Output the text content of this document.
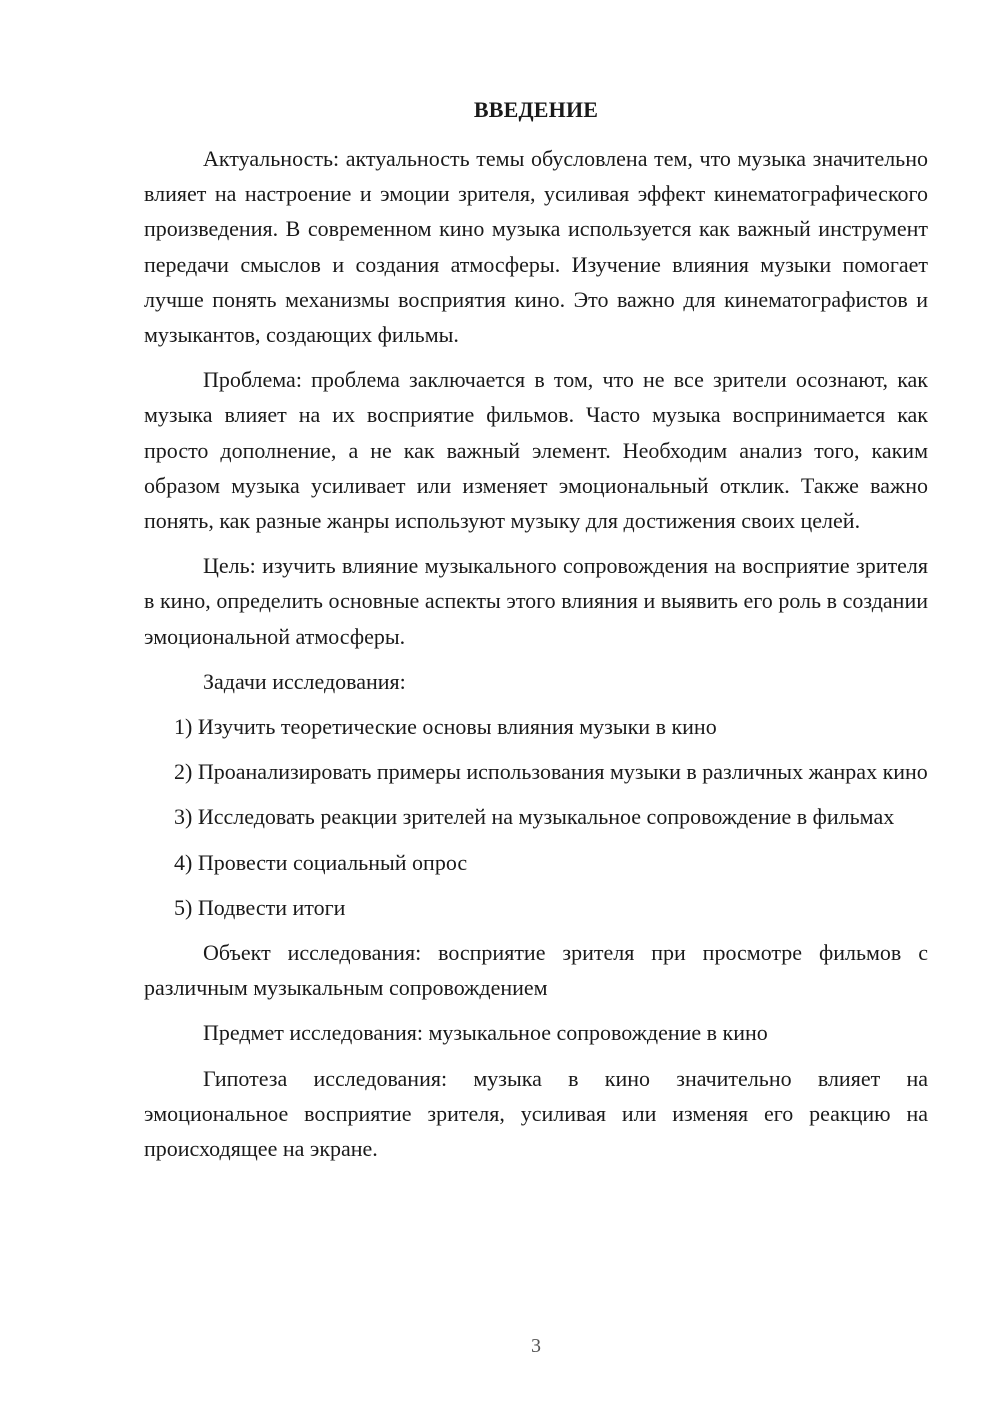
ВВЕДЕНИЕ

Актуальность: актуальность темы обусловлена тем, что музыка значительно влияет на настроение и эмоции зрителя, усиливая эффект кинематографического произведения. В современном кино музыка используется как важный инструмент передачи смыслов и создания атмосферы. Изучение влияния музыки помогает лучше понять механизмы восприятия кино. Это важно для кинематографистов и музыкантов, создающих фильмы.

Проблема: проблема заключается в том, что не все зрители осознают, как музыка влияет на их восприятие фильмов. Часто музыка воспринимается как просто дополнение, а не как важный элемент. Необходим анализ того, каким образом музыка усиливает или изменяет эмоциональный отклик. Также важно понять, как разные жанры используют музыку для достижения своих целей.

Цель: изучить влияние музыкального сопровождения на восприятие зрителя в кино, определить основные аспекты этого влияния и выявить его роль в создании эмоциональной атмосферы.

Задачи исследования:

1) Изучить теоретические основы влияния музыки в кино

2) Проанализировать примеры использования музыки в различных жанрах кино

3) Исследовать реакции зрителей на музыкальное сопровождение в фильмах

4) Провести социальный опрос

5) Подвести итоги

Объект исследования: восприятие зрителя при просмотре фильмов с различным музыкальным сопровождением

Предмет исследования: музыкальное сопровождение в кино

Гипотеза исследования: музыка в кино значительно влияет на эмоциональное восприятие зрителя, усиливая или изменяя его реакцию на происходящее на экране.

3
